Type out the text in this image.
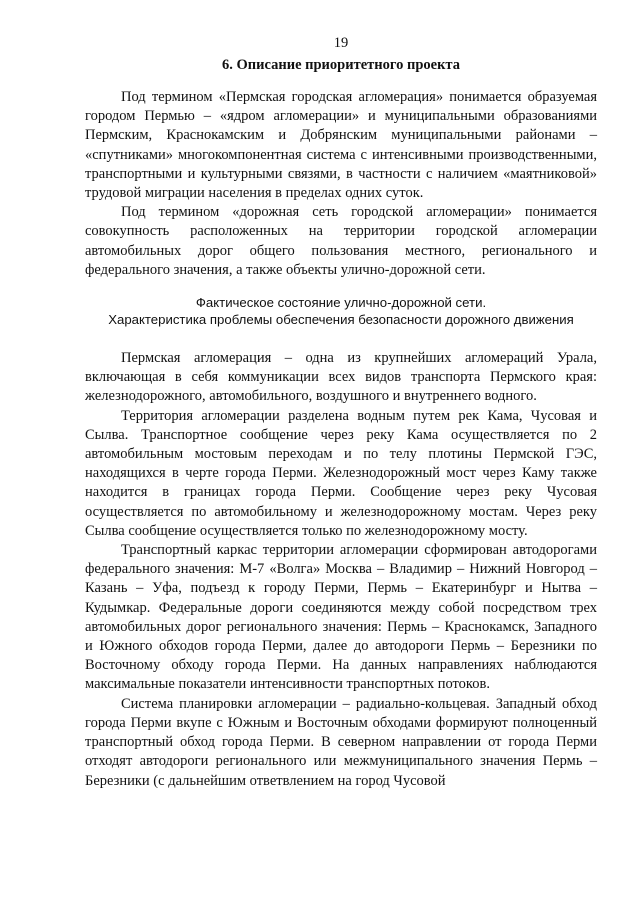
19
6. Описание приоритетного проекта

Под термином «Пермская городская агломерация» понимается образуемая городом Пермью – «ядром агломерации» и муниципальными образованиями Пермским, Краснокамским и Добрянским муниципальными районами – «спутниками» многокомпонентная система с интенсивными производственными, транспортными и культурными связями, в частности с наличием «маятниковой» трудовой миграции населения в пределах одних суток.

Под термином «дорожная сеть городской агломерации» понимается совокупность расположенных на территории городской агломерации автомобильных дорог общего пользования местного, регионального и федерального значения, а также объекты улично-дорожной сети.

Фактическое состояние улично-дорожной сети.
Характеристика проблемы обеспечения безопасности дорожного движения

Пермская агломерация – одна из крупнейших агломераций Урала, включающая в себя коммуникации всех видов транспорта Пермского края: железнодорожного, автомобильного, воздушного и внутреннего водного.

Территория агломерации разделена водным путем рек Кама, Чусовая и Сылва. Транспортное сообщение через реку Кама осуществляется по 2 автомобильным мостовым переходам и по телу плотины Пермской ГЭС, находящихся в черте города Перми. Железнодорожный мост через Каму также находится в границах города Перми. Сообщение через реку Чусовая осуществляется по автомобильному и железнодорожному мостам. Через реку Сылва сообщение осуществляется только по железнодорожному мосту.

Транспортный каркас территории агломерации сформирован автодорогами федерального значения: М-7 «Волга» Москва – Владимир – Нижний Новгород – Казань – Уфа, подъезд к городу Перми, Пермь – Екатеринбург и Нытва – Кудымкар. Федеральные дороги соединяются между собой посредством трех автомобильных дорог регионального значения: Пермь – Краснокамск, Западного и Южного обходов города Перми, далее до автодороги Пермь – Березники по Восточному обходу города Перми. На данных направлениях наблюдаются максимальные показатели интенсивности транспортных потоков.

Система планировки агломерации – радиально-кольцевая. Западный обход города Перми вкупе с Южным и Восточным обходами формируют полноценный транспортный обход города Перми. В северном направлении от города Перми отходят автодороги регионального или межмуниципального значения Пермь – Березники (с дальнейшим ответвлением на город Чусовой
